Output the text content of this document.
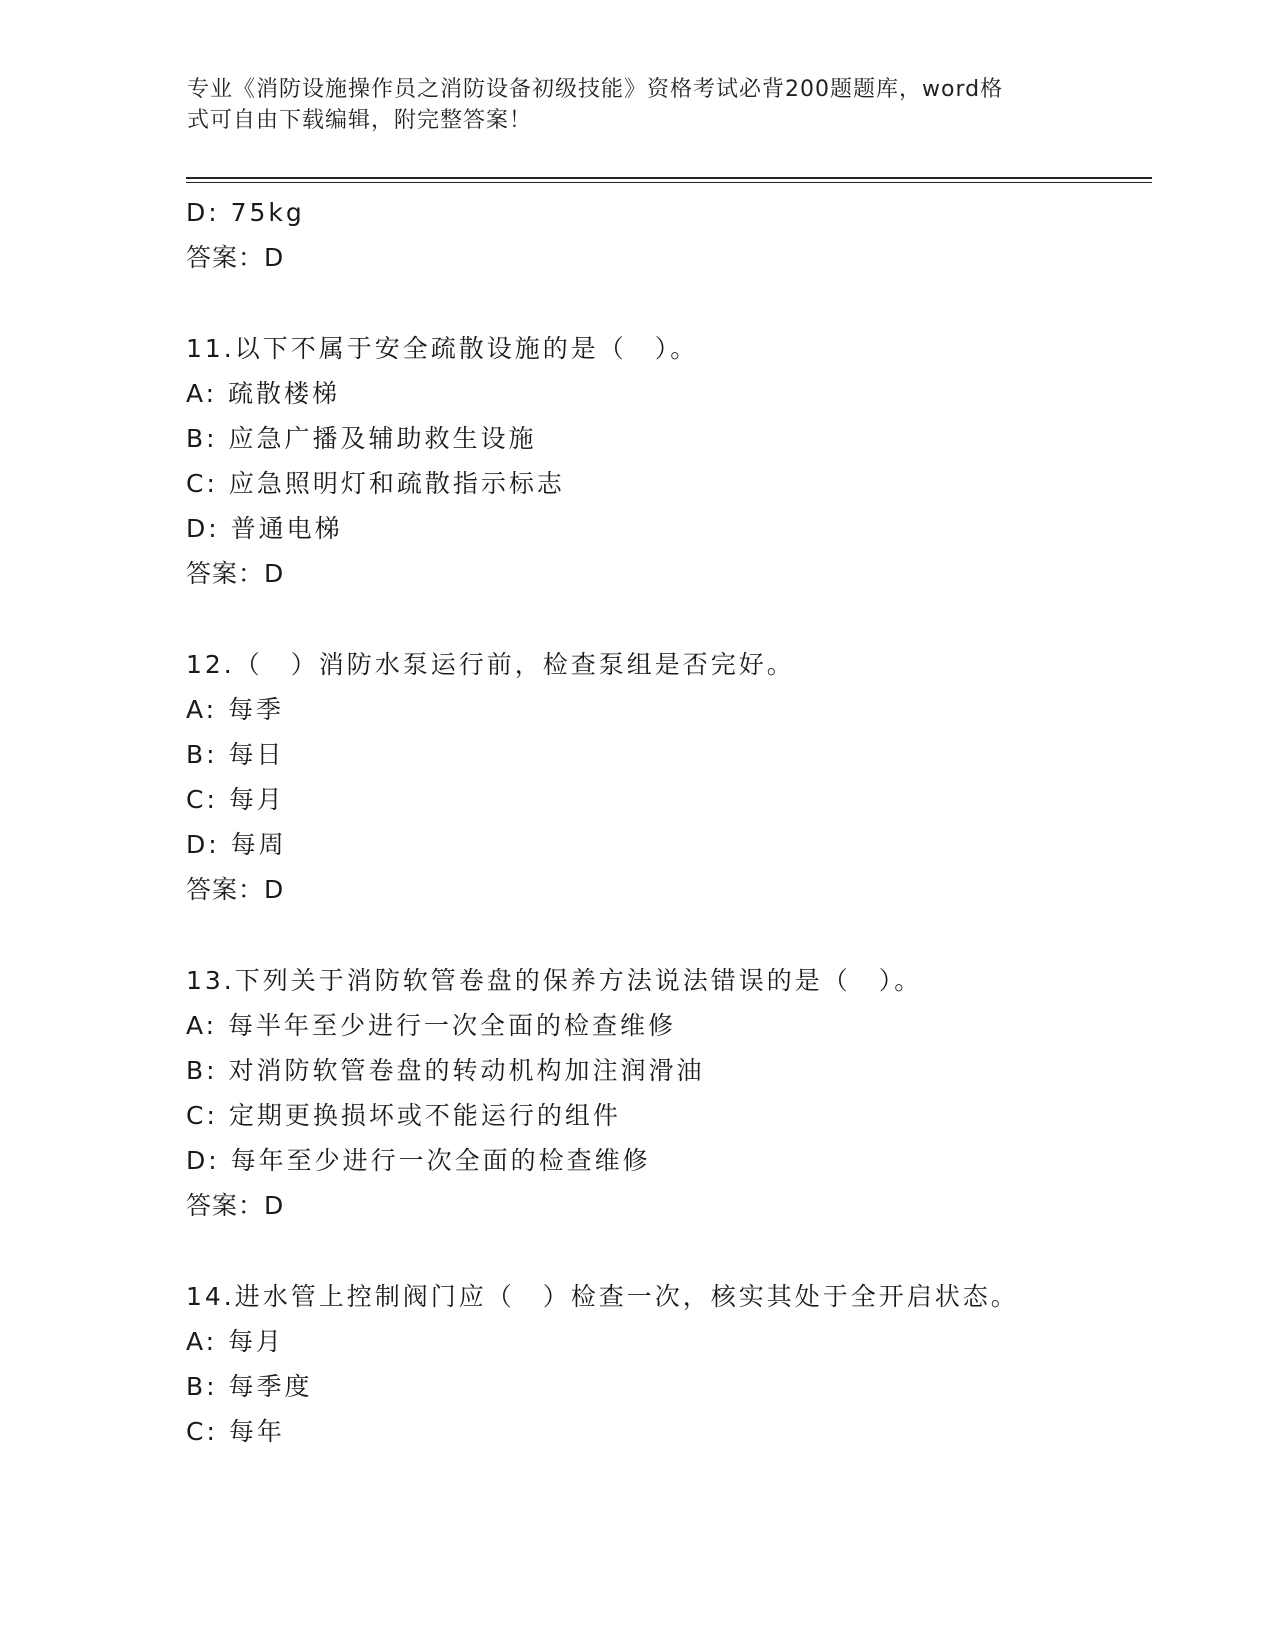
专业《消防设施操作员之消防设备初级技能》资格考试必背200题题库，word格
式可自由下载编辑，附完整答案！
D: 75kg
答案：D
11.以下不属于安全疏散设施的是（　）。
A: 疏散楼梯
B: 应急广播及辅助救生设施
C: 应急照明灯和疏散指示标志
D: 普通电梯
答案：D
12.（　）消防水泵运行前，检查泵组是否完好。
A: 每季
B: 每日
C: 每月
D: 每周
答案：D
13.下列关于消防软管卷盘的保养方法说法错误的是（　）。
A: 每半年至少进行一次全面的检查维修
B: 对消防软管卷盘的转动机构加注润滑油
C: 定期更换损坏或不能运行的组件
D: 每年至少进行一次全面的检查维修
答案：D
14.进水管上控制阀门应（　）检查一次，核实其处于全开启状态。
A: 每月
B: 每季度
C: 每年
